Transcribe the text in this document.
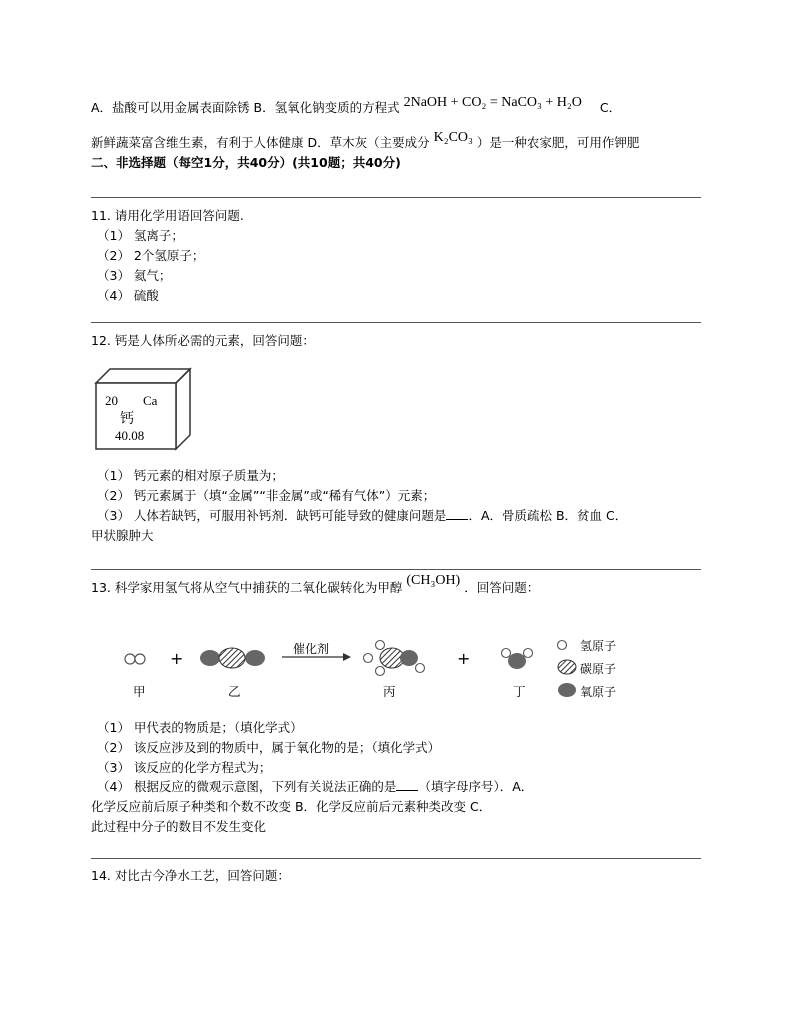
A．盐酸可以用金属表面除锈 B．氢氧化钠变质的方程式 2NaOH + CO₂ = NaCO₃ + H₂O C．
新鲜蔬菜富含维生素，有利于人体健康 D．草木灰（主要成分 K₂CO₃ ）是一种农家肥，可用作钾肥
二、非选择题（每空1分，共40分）(共10题；共40分)
11. 请用化学用语回答问题.
（1） 氢离子；
（2） 2个氢原子；
（3） 氦气；
（4） 硫酸
12. 钙是人体所必需的元素，回答问题：
20 Ca
钙
40.08
（1） 钙元素的相对原子质量为；
（2） 钙元素属于（填“金属”“非金属”或“稀有气体”）元素；
（3） 人体若缺钙，可服用补钙剂．缺钙可能导致的健康问题是 ．A．骨质疏松 B．贫血 C．
甲状腺肿大
13. 科学家用氢气将从空气中捕获的二氧化碳转化为甲醇 (CH₃OH) ．回答问题：
+	催化剂	+
氢原子
碳原子
氧原子
甲	乙	丙	丁
（1） 甲代表的物质是；（填化学式）
（2） 该反应涉及到的物质中，属于氧化物的是；（填化学式）
（3） 该反应的化学方程式为；
（4） 根据反应的微观示意图，下列有关说法正确的是 （填字母序号）．A．
化学反应前后原子种类和个数不改变 B．化学反应前后元素种类改变 C．
此过程中分子的数目不发生变化
14. 对比古今净水工艺，回答问题：
